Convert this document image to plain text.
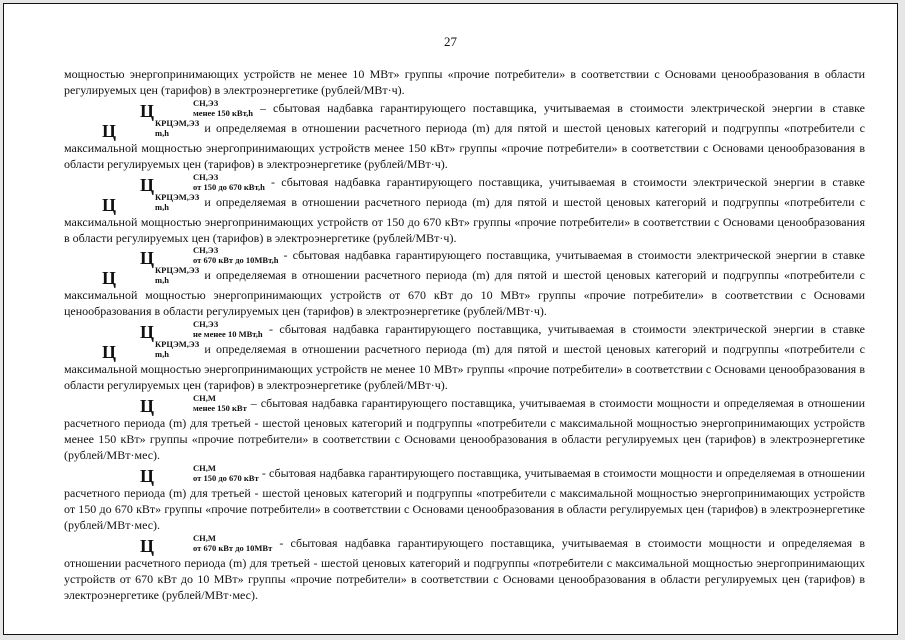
27

мощностью энергопринимающих устройств не менее 10 МВт» группы «прочие потребители» в соответствии с Основами ценообразования в области регулируемых цен (тарифов) в электроэнергетике (рублей/МВт·ч).

Ц	СН,ЭЗ
менее 150 кВт,h – сбытовая надбавка гарантирующего поставщика, учитываемая в стоимости электрической энергии в ставке Ц	КРЦЭМ,ЭЗ
m,h	и определяемая в отношении расчетного периода (m) для пятой и шестой ценовых категорий и подгруппы «потребители с максимальной мощностью энергопринимающих устройств менее 150 кВт» группы «прочие потребители» в соответствии с Основами ценообразования в области регулируемых цен (тарифов) в электроэнергетике (рублей/МВт·ч).

Ц	СН,ЭЗ
от 150 до 670 кВт,h - сбытовая надбавка гарантирующего поставщика, учитываемая в стоимости электрической энергии в ставке Ц	КРЦЭМ,ЭЗ
m,h	и определяемая в отношении расчетного периода (m) для пятой и шестой ценовых категорий и подгруппы «потребители с максимальной мощностью энергопринимающих устройств от 150 до 670 кВт» группы «прочие потребители» в соответствии с Основами ценообразования в области регулируемых цен (тарифов) в электроэнергетике (рублей/МВт·ч).

Ц	СН,ЭЗ
от 670 кВт до 10МВт,h - сбытовая надбавка гарантирующего поставщика, учитываемая в стоимости электрической энергии в ставке Ц	КРЦЭМ,ЭЗ
m,h	и определяемая в отношении расчетного периода (m) для пятой и шестой ценовых категорий и подгруппы «потребители с максимальной мощностью энергопринимающих устройств от 670 кВт до 10 МВт» группы «прочие потребители» в соответствии с Основами ценообразования в области регулируемых цен (тарифов) в электроэнергетике (рублей/МВт·ч).

Ц	СН,ЭЗ
не менее 10 МВт,h - сбытовая надбавка гарантирующего поставщика, учитываемая в стоимости электрической энергии в ставке Ц	КРЦЭМ,ЭЗ
m,h	и определяемая в отношении расчетного периода (m) для пятой и шестой ценовых категорий и подгруппы «потребители с максимальной мощностью энергопринимающих устройств не менее 10 МВт» группы «прочие потребители» в соответствии с Основами ценообразования в области регулируемых цен (тарифов) в электроэнергетике (рублей/МВт·ч).

Ц	СН,М
менее 150 кВт – сбытовая надбавка гарантирующего поставщика, учитываемая в стоимости мощности и определяемая в отношении расчетного периода (m) для третьей - шестой ценовых категорий и подгруппы «потребители с максимальной мощностью энергопринимающих устройств менее 150 кВт» группы «прочие потребители» в соответствии с Основами ценообразования в области регулируемых цен (тарифов) в электроэнергетике (рублей/МВт·мес).

Ц	СН,М
от 150 до 670 кВт - сбытовая надбавка гарантирующего поставщика, учитываемая в стоимости мощности и определяемая в отношении расчетного периода (m) для третьей - шестой ценовых категорий и подгруппы «потребители с максимальной мощностью энергопринимающих устройств от 150 до 670 кВт» группы «прочие потребители» в соответствии с Основами ценообразования в области регулируемых цен (тарифов) в электроэнергетике (рублей/МВт·мес).

Ц	СН,М
от 670 кВт до 10МВт - сбытовая надбавка гарантирующего поставщика, учитываемая в стоимости мощности и определяемая в отношении расчетного периода (m) для третьей - шестой ценовых категорий и подгруппы «потребители с максимальной мощностью энергопринимающих устройств от 670 кВт до 10 МВт» группы «прочие потребители» в соответствии с Основами ценообразования в области регулируемых цен (тарифов) в электроэнергетике (рублей/МВт·мес).
